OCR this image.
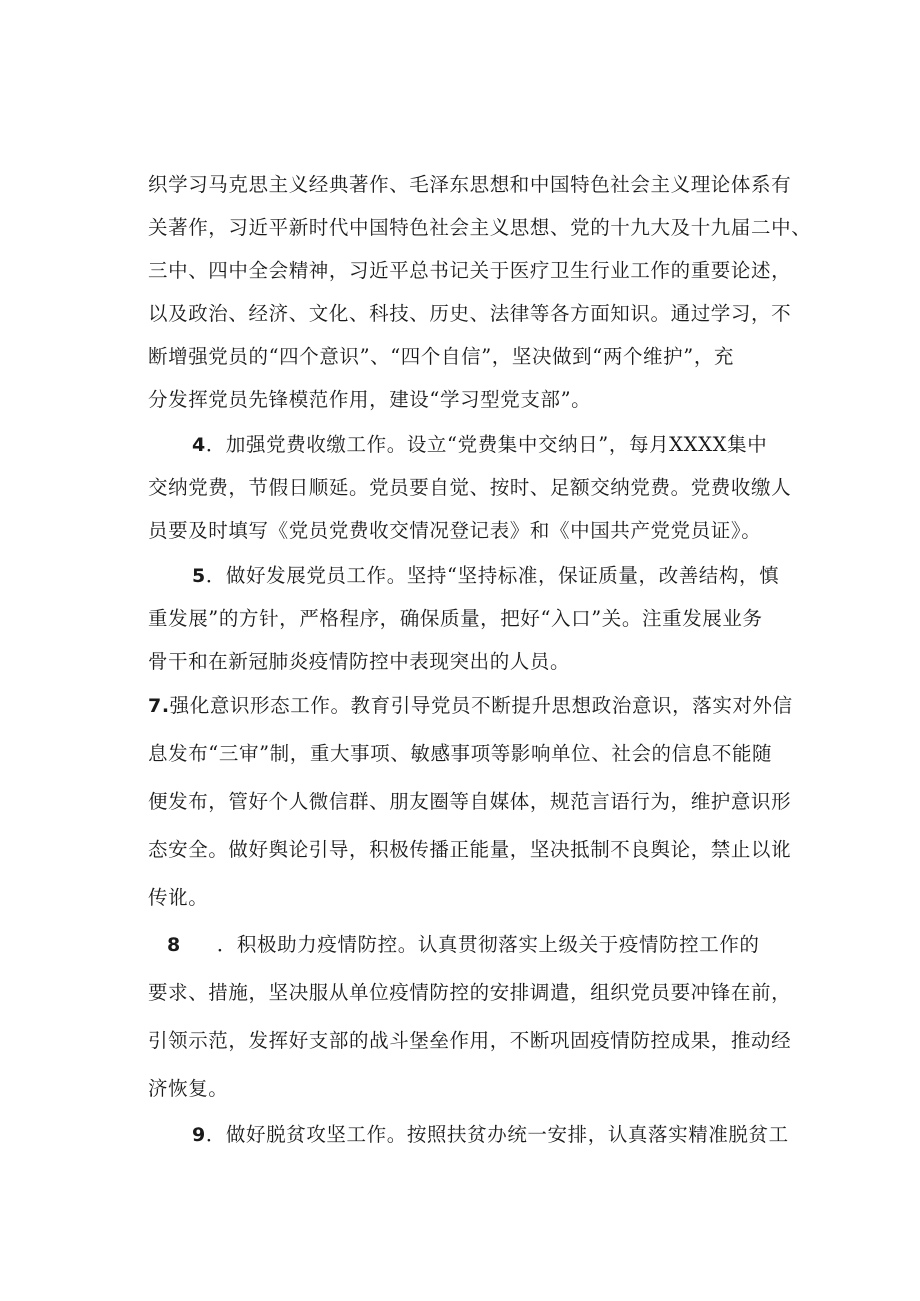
织学习马克思主义经典著作、毛泽东思想和中国特色社会主义理论体系有
关著作，习近平新时代中国特色社会主义思想、党的十九大及十九届二中、
三中、四中全会精神，习近平总书记关于医疗卫生行业工作的重要论述，
以及政治、经济、文化、科技、历史、法律等各方面知识。通过学习，不
断增强党员的“四个意识”、“四个自信”，坚决做到“两个维护”，充
分发挥党员先锋模范作用，建设“学习型党支部”。
4．加强党费收缴工作。设立“党费集中交纳日”，每月XXXX集中
交纳党费，节假日顺延。党员要自觉、按时、足额交纳党费。党费收缴人
员要及时填写《党员党费收交情况登记表》和《中国共产党党员证》。
5．做好发展党员工作。坚持“坚持标准，保证质量，改善结构，慎
重发展”的方针，严格程序，确保质量，把好“入口”关。注重发展业务
骨干和在新冠肺炎疫情防控中表现突出的人员。
7.强化意识形态工作。教育引导党员不断提升思想政治意识，落实对外信
息发布“三审”制，重大事项、敏感事项等影响单位、社会的信息不能随
便发布，管好个人微信群、朋友圈等自媒体，规范言语行为，维护意识形
态安全。做好舆论引导，积极传播正能量，坚决抵制不良舆论，禁止以讹
传讹。
8 ．积极助力疫情防控。认真贯彻落实上级关于疫情防控工作的
要求、措施，坚决服从单位疫情防控的安排调遣，组织党员要冲锋在前，
引领示范，发挥好支部的战斗堡垒作用，不断巩固疫情防控成果，推动经
济恢复。
9．做好脱贫攻坚工作。按照扶贫办统一安排，认真落实精准脱贫工
